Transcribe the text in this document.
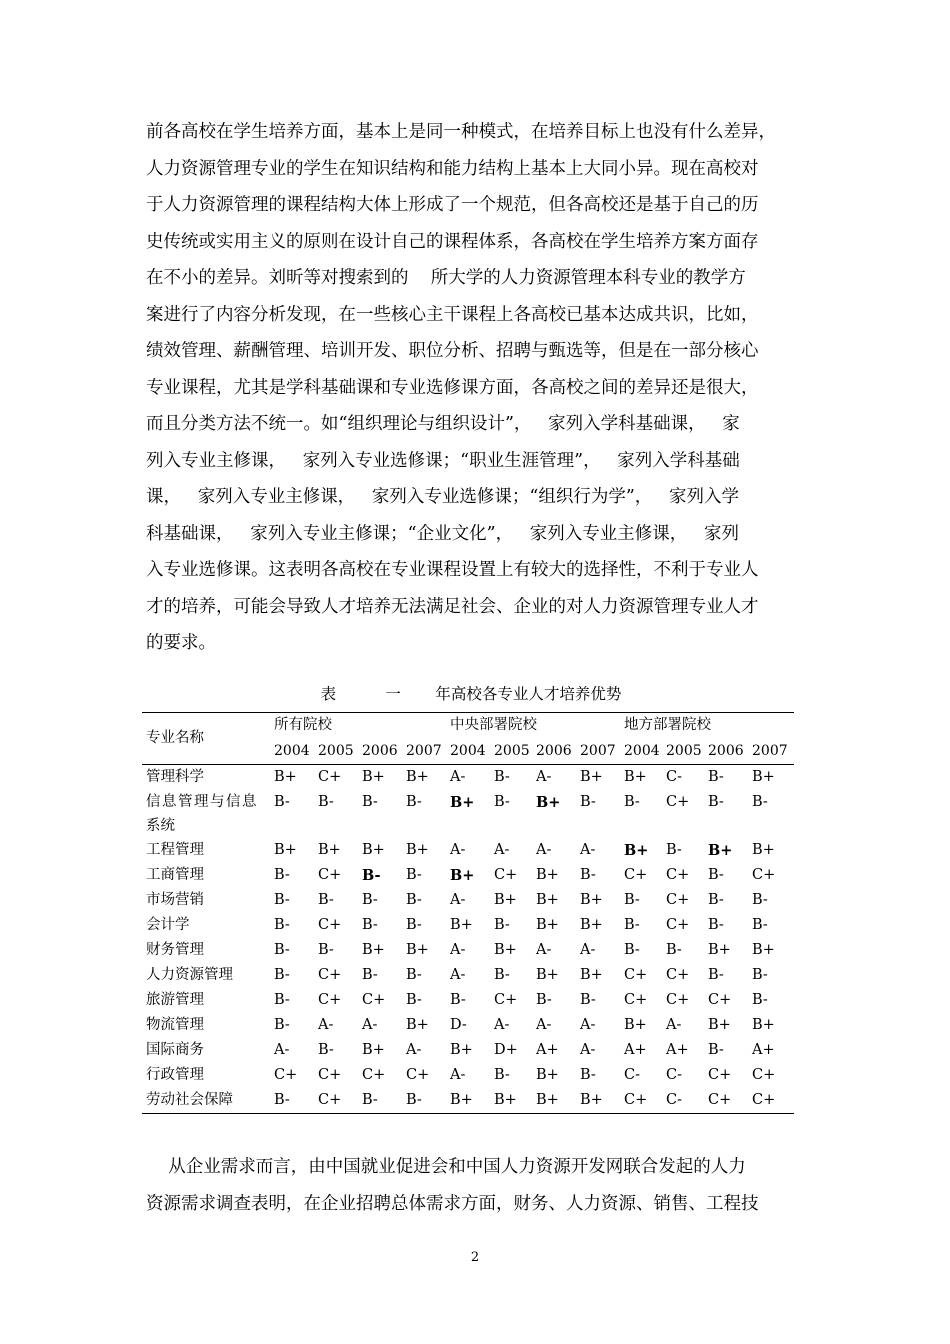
前各高校在学生培养方面，基本上是同一种模式，在培养目标上也没有什么差异，
人力资源管理专业的学生在知识结构和能力结构上基本上大同小异。现在高校对
于人力资源管理的课程结构大体上形成了一个规范，但各高校还是基于自己的历
史传统或实用主义的原则在设计自己的课程体系，各高校在学生培养方案方面存
在不小的差异。刘昕等对搜索到的    所大学的人力资源管理本科专业的教学方
案进行了内容分析发现，在一些核心主干课程上各高校已基本达成共识，比如，
绩效管理、薪酬管理、培训开发、职位分析、招聘与甄选等，但是在一部分核心
专业课程，尤其是学科基础课和专业选修课方面，各高校之间的差异还是很大，
而且分类方法不统一。如“组织理论与组织设计”，   家列入学科基础课，   家
列入专业主修课，   家列入专业选修课；“职业生涯管理”，   家列入学科基础
课，   家列入专业主修课，   家列入专业选修课；“组织行为学”，   家列入学
科基础课，   家列入专业主修课；“企业文化”，   家列入专业主修课，   家列
入专业选修课。这表明各高校在专业课程设置上有较大的选择性，不利于专业人
才的培养，可能会导致人才培养无法满足社会、企业的对人力资源管理专业人才
的要求。
表          一       年高校各专业人才培养优势
专业名称	所有院校				中央部署院校				地方部署院校			
	2004	2005	2006	2007	2004	2005	2006	2007	2004	2005	2006	2007
管理科学	B+	C+	B+	B+	A-	B-	A-	B+	B+	C-	B-	B+
信息管理与信息
系统	B-	B-	B-	B-	B+	B-	B+	B-	B-	C+	B-	B-
工程管理	B+	B+	B+	B+	A-	A-	A-	A-	B+	B-	B+	B+
工商管理	B-	C+	B-	B-	B+	C+	B+	B-	C+	C+	B-	C+
市场营销	B-	B-	B-	B-	A-	B+	B+	B+	B-	C+	B-	B-
会计学	B-	C+	B-	B-	B+	B-	B+	B+	B-	C+	B-	B-
财务管理	B-	B-	B+	B+	A-	B+	A-	A-	B-	B-	B+	B+
人力资源管理	B-	C+	B-	B-	A-	B-	B+	B+	C+	C+	B-	B-
旅游管理	B-	C+	C+	B-	B-	C+	B-	B-	C+	C+	C+	B-
物流管理	B-	A-	A-	B+	D-	A-	A-	A-	B+	A-	B+	B+
国际商务	A-	B-	B+	A-	B+	D+	A+	A-	A+	A+	B-	A+
行政管理	C+	C+	C+	C+	A-	B-	B+	B-	C-	C-	C+	C+
劳动社会保障	B-	C+	B-	B-	B+	B+	B+	B+	C+	C-	C+	C+
从企业需求而言，由中国就业促进会和中国人力资源开发网联合发起的人力
资源需求调查表明，在企业招聘总体需求方面，财务、人力资源、销售、工程技
2
